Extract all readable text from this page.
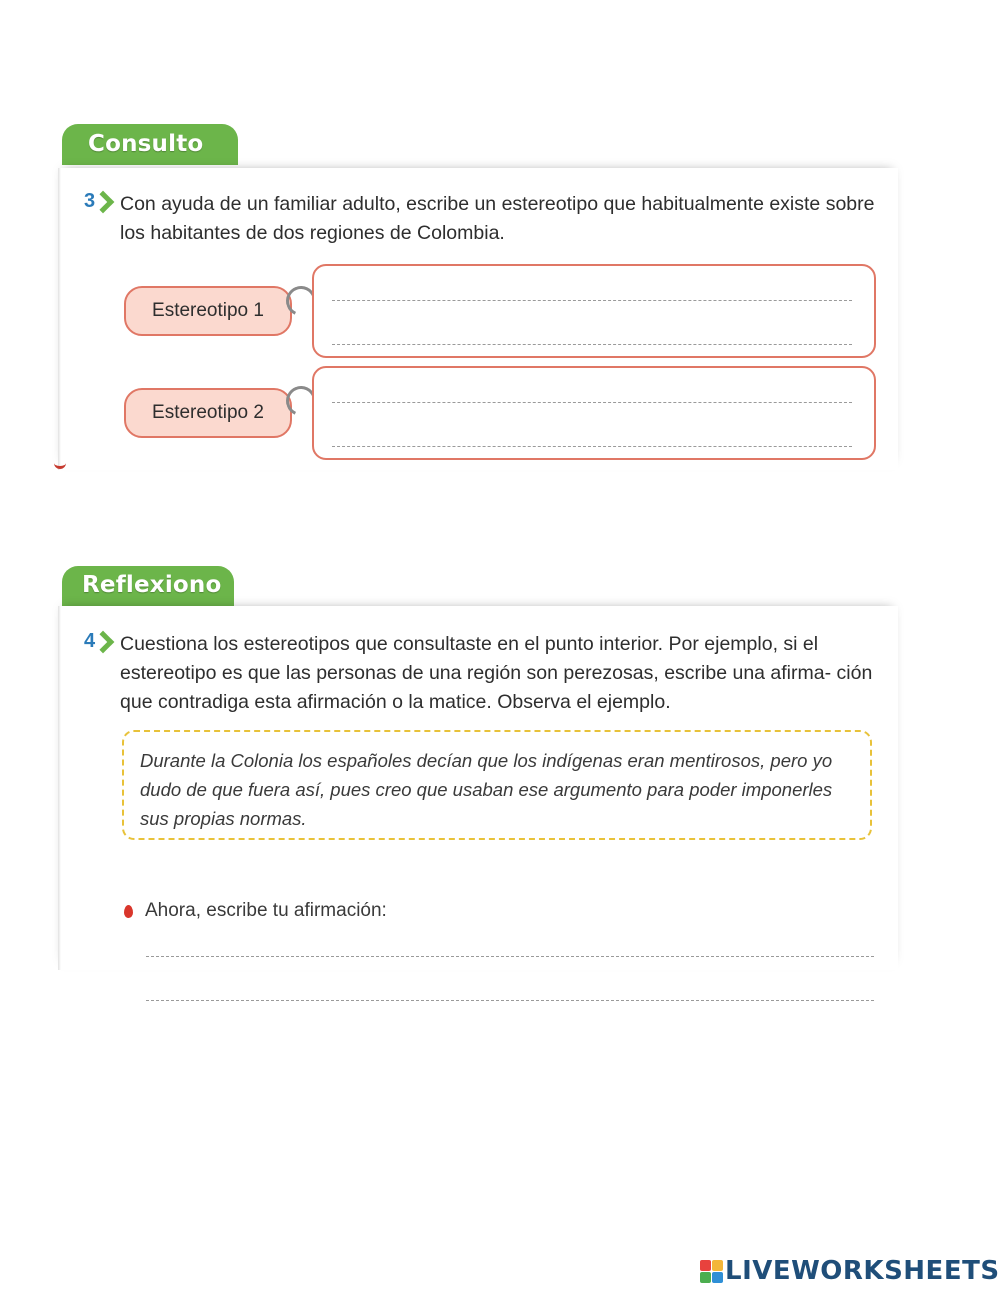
Consulto
3 Con ayuda de un familiar adulto, escribe un estereotipo que habitualmente existe sobre los habitantes de dos regiones de Colombia.
Estereotipo 1
Estereotipo 2
Reflexiono
4 Cuestiona los estereotipos que consultaste en el punto interior. Por ejemplo, si el estereotipo es que las personas de una región son perezosas, escribe una afirma- ción que contradiga esta afirmación o la matice. Observa el ejemplo.
Durante la Colonia los españoles decían que los indígenas eran mentirosos, pero yo dudo de que fuera así, pues creo que usaban ese argumento para poder imponerles sus propias normas.
Ahora, escribe tu afirmación:
LIVEWORKSHEETS
